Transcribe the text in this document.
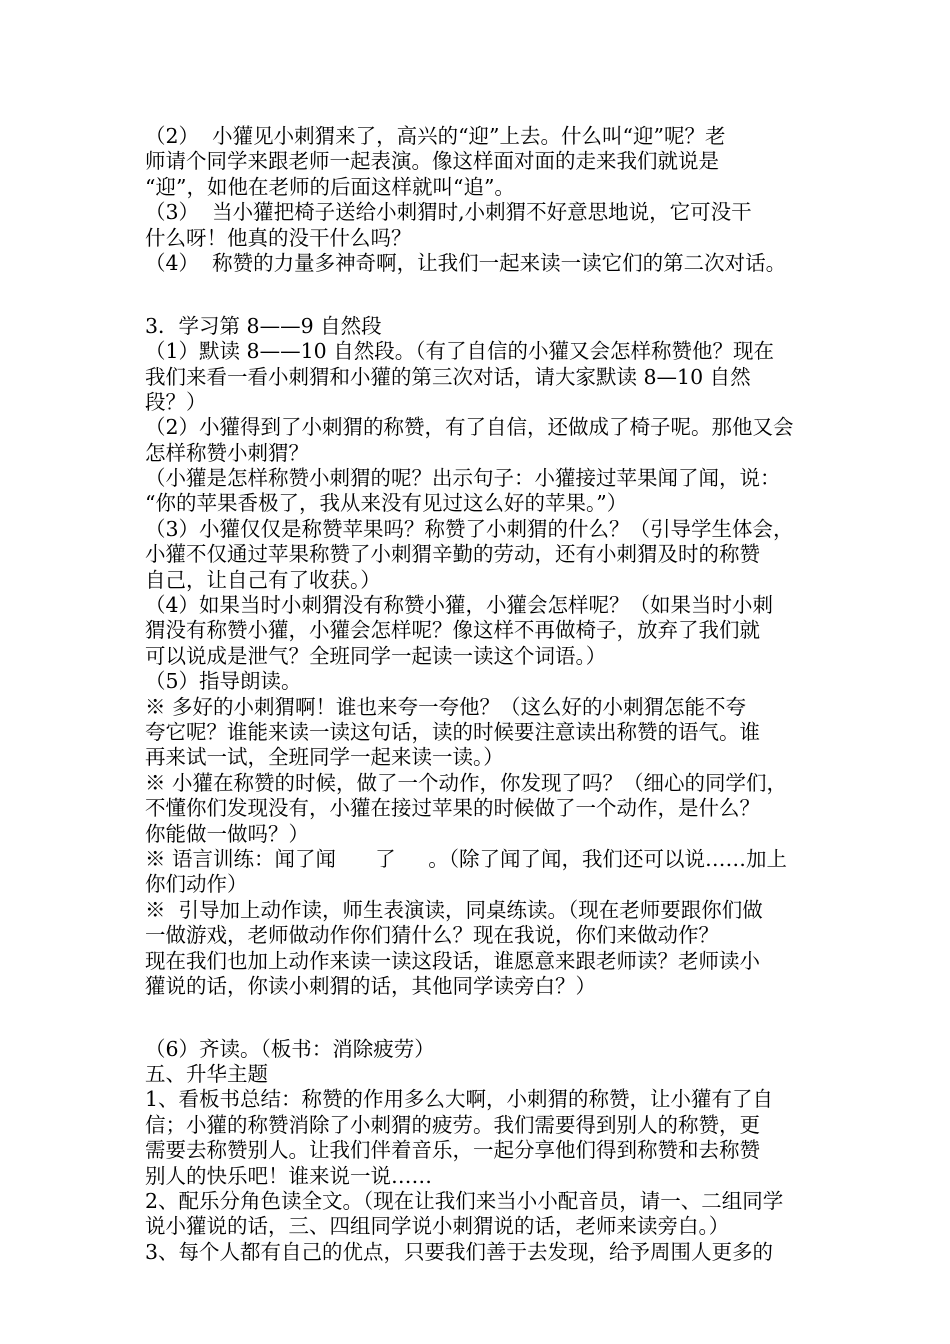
（2）  小獾见小刺猬来了，高兴的“迎”上去。什么叫“迎”呢？老
师请个同学来跟老师一起表演。像这样面对面的走来我们就说是
“迎”，如他在老师的后面这样就叫“追”。
（3）  当小獾把椅子送给小刺猬时,小刺猬不好意思地说，它可没干
什么呀！他真的没干什么吗？
（4）  称赞的力量多神奇啊，让我们一起来读一读它们的第二次对话。
3．学习第 8——9 自然段
（1）默读 8——10 自然段。（有了自信的小獾又会怎样称赞他？现在
我们来看一看小刺猬和小獾的第三次对话，请大家默读 8—10 自然
段？）
（2）小獾得到了小刺猬的称赞，有了自信，还做成了椅子呢。那他又会
怎样称赞小刺猬？
（小獾是怎样称赞小刺猬的呢？出示句子：小獾接过苹果闻了闻，说：
“你的苹果香极了，我从来没有见过这么好的苹果。”）
（3）小獾仅仅是称赞苹果吗？称赞了小刺猬的什么？（引导学生体会，
小獾不仅通过苹果称赞了小刺猬辛勤的劳动，还有小刺猬及时的称赞
自己，让自己有了收获。）
（4）如果当时小刺猬没有称赞小獾，小獾会怎样呢？（如果当时小刺
猬没有称赞小獾，小獾会怎样呢？像这样不再做椅子，放弃了我们就
可以说成是泄气？全班同学一起读一读这个词语。）
（5）指导朗读。
※ 多好的小刺猬啊！谁也来夸一夸他？（这么好的小刺猬怎能不夸
夸它呢？谁能来读一读这句话，读的时候要注意读出称赞的语气。谁
再来试一试，全班同学一起来读一读。）
※ 小獾在称赞的时候，做了一个动作，你发现了吗？（细心的同学们，
不懂你们发现没有，小獾在接过苹果的时候做了一个动作，是什么？
你能做一做吗？）
※ 语言训练：闻了闻      了     。（除了闻了闻，我们还可以说……加上
你们动作）
※  引导加上动作读，师生表演读，同桌练读。（现在老师要跟你们做
一做游戏，老师做动作你们猜什么？现在我说，你们来做动作？
现在我们也加上动作来读一读这段话，谁愿意来跟老师读？老师读小
獾说的话，你读小刺猬的话，其他同学读旁白？）
（6）齐读。（板书：消除疲劳）
五、升华主题
1、看板书总结：称赞的作用多么大啊，小刺猬的称赞，让小獾有了自
信；小獾的称赞消除了小刺猬的疲劳。我们需要得到别人的称赞，更
需要去称赞别人。让我们伴着音乐，一起分享他们得到称赞和去称赞
别人的快乐吧！谁来说一说……
2、配乐分角色读全文。（现在让我们来当小小配音员，请一、二组同学
说小獾说的话，三、四组同学说小刺猬说的话，老师来读旁白。）
3、每个人都有自己的优点，只要我们善于去发现，给予周围人更多的
